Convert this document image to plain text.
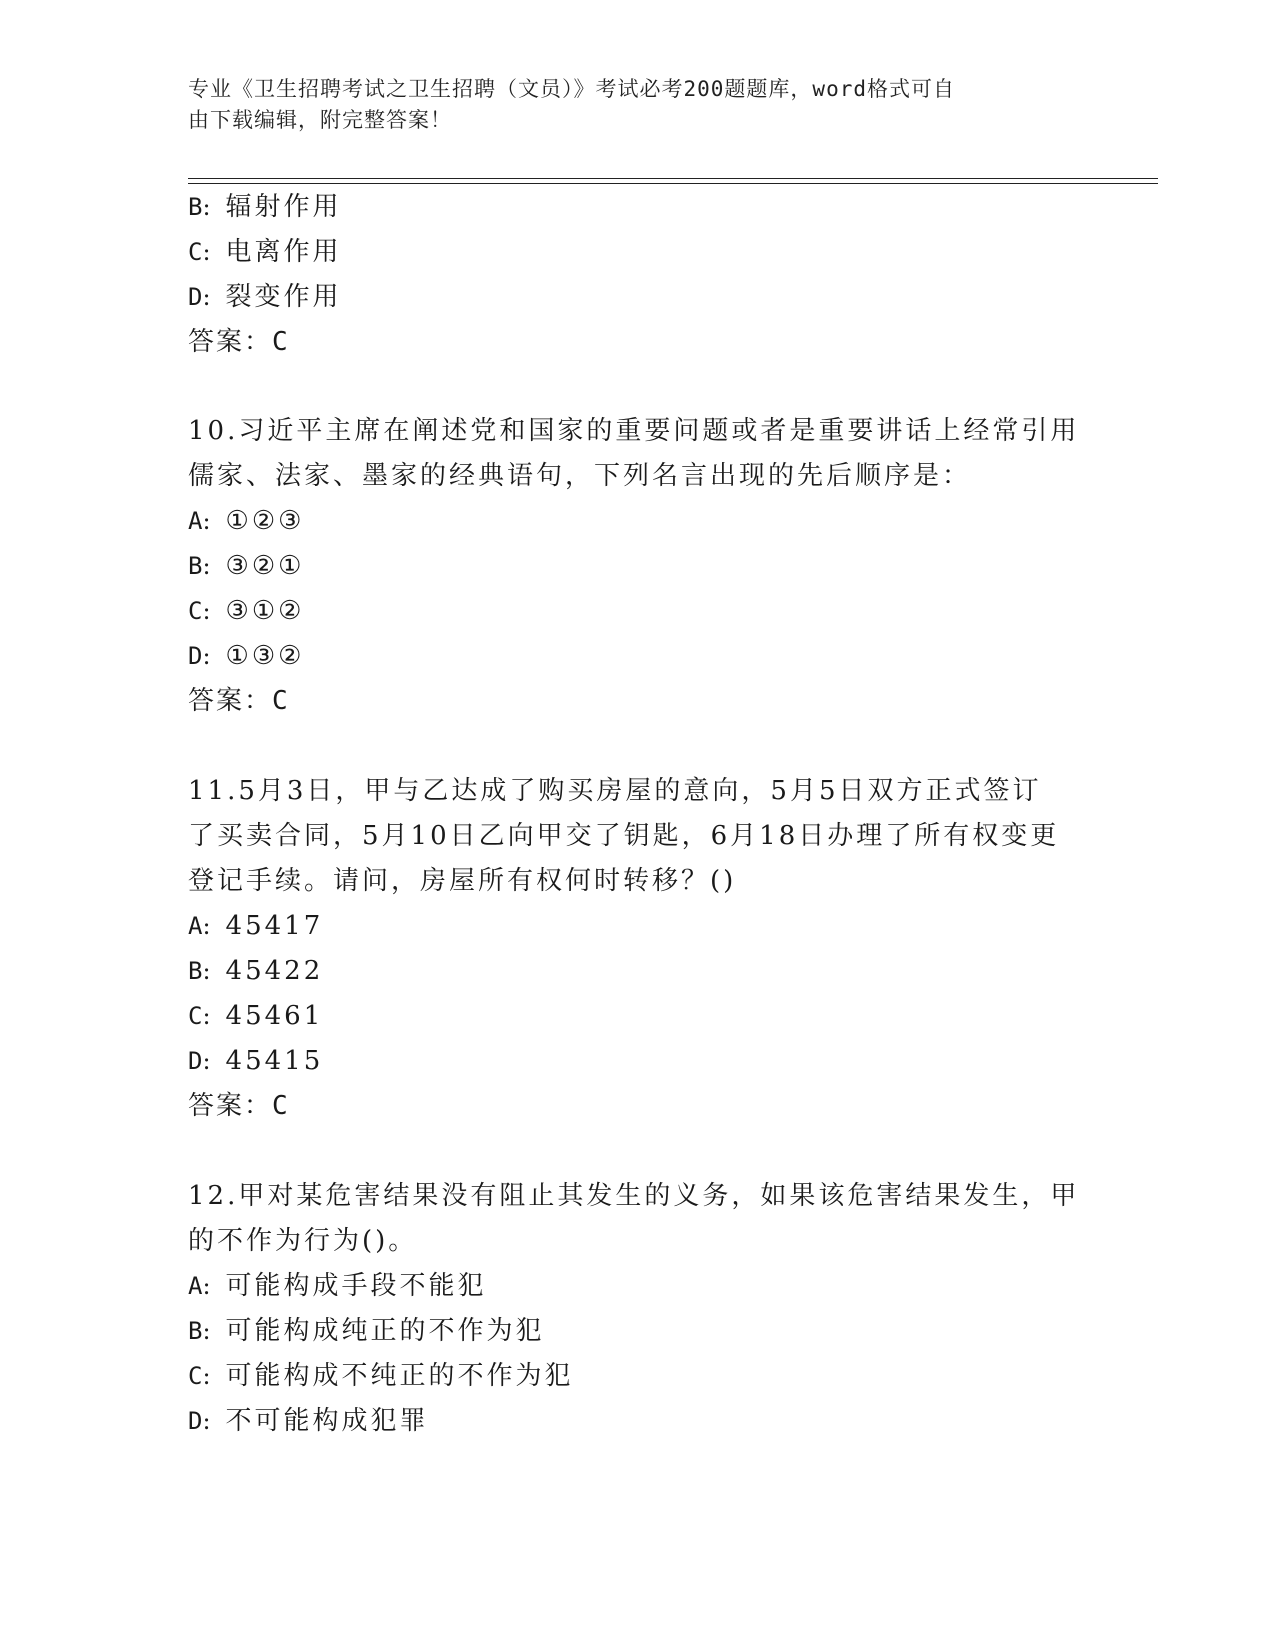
专业《卫生招聘考试之卫生招聘（文员）》考试必考200题题库，word格式可自
由下载编辑，附完整答案！
B: 辐射作用
C: 电离作用
D: 裂变作用
答案：C
10.习近平主席在阐述党和国家的重要问题或者是重要讲话上经常引用
儒家、法家、墨家的经典语句，下列名言出现的先后顺序是：
A: ①②③
B: ③②①
C: ③①②
D: ①③②
答案：C
11.5月3日，甲与乙达成了购买房屋的意向，5月5日双方正式签订
了买卖合同，5月10日乙向甲交了钥匙，6月18日办理了所有权变更
登记手续。请问，房屋所有权何时转移？()
A: 45417
B: 45422
C: 45461
D: 45415
答案：C
12.甲对某危害结果没有阻止其发生的义务，如果该危害结果发生，甲
的不作为行为()。
A: 可能构成手段不能犯
B: 可能构成纯正的不作为犯
C: 可能构成不纯正的不作为犯
D: 不可能构成犯罪
